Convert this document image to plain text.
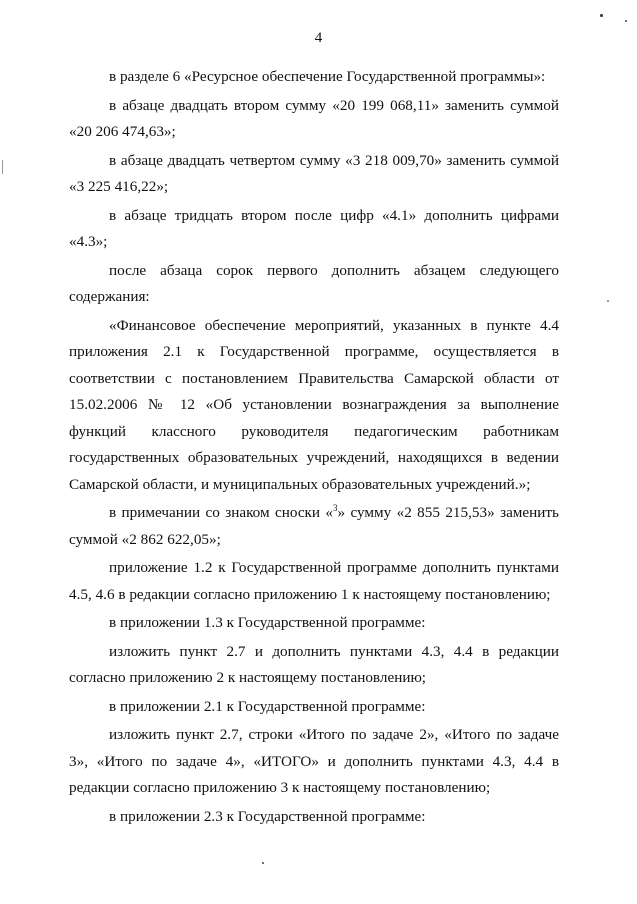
4

в разделе 6 «Ресурсное обеспечение Государственной программы»:

в абзаце двадцать втором сумму «20 199 068,11» заменить суммой «20 206 474,63»;

в абзаце двадцать четвертом сумму «3 218 009,70» заменить суммой «3 225 416,22»;

в абзаце тридцать втором после цифр «4.1» дополнить цифрами «4.3»;

после абзаца сорок первого дополнить абзацем следующего содержания:

«Финансовое обеспечение мероприятий, указанных в пункте 4.4 приложения 2.1 к Государственной программе, осуществляется в соответствии с постановлением Правительства Самарской области от 15.02.2006 № 12 «Об установлении вознаграждения за выполнение функций классного руководителя педагогическим работникам государственных образовательных учреждений, находящихся в ведении Самарской области, и муниципальных образовательных учреждений.»;

в примечании со знаком сноски «$^3$» сумму «2 855 215,53» заменить суммой «2 862 622,05»;

приложение 1.2 к Государственной программе дополнить пунктами 4.5, 4.6 в редакции согласно приложению 1 к настоящему постановлению;

в приложении 1.3 к Государственной программе:

изложить пункт 2.7 и дополнить пунктами 4.3, 4.4 в редакции согласно приложению 2 к настоящему постановлению;

в приложении 2.1 к Государственной программе:

изложить пункт 2.7, строки «Итого по задаче 2», «Итого по задаче 3», «Итого по задаче 4», «ИТОГО» и дополнить пунктами 4.3, 4.4 в редакции согласно приложению 3 к настоящему постановлению;

в приложении 2.3 к Государственной программе:
